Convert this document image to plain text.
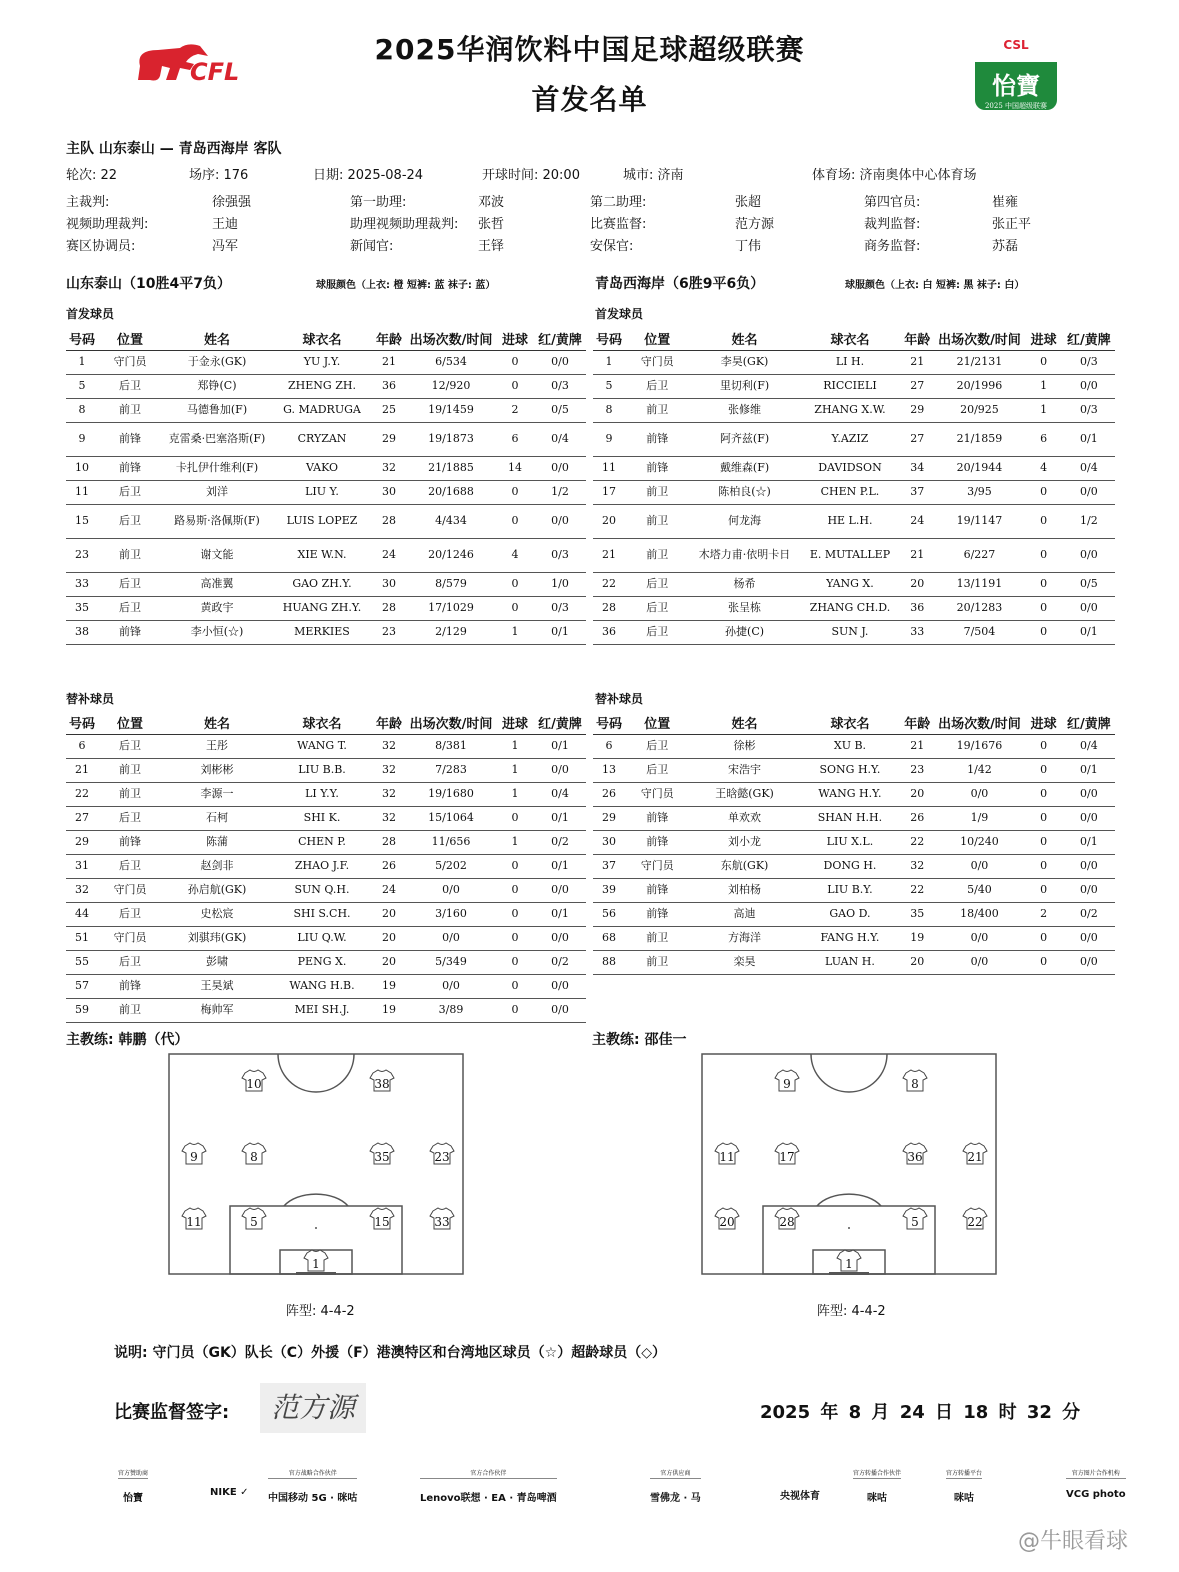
CFL
CSL
怡寶
2025 中国超级联赛
2025华润饮料中国足球超级联赛
首发名单
主队 山东泰山 — 青岛西海岸 客队
轮次: 22	场序: 176	日期: 2025-08-24	开球时间: 20:00	城市: 济南	体育场: 济南奥体中心体育场
主裁判:	徐强强	第一助理:	邓波	第二助理:	张超	第四官员:	崔雍
视频助理裁判:	王迪	助理视频助理裁判: 张哲	比赛监督:	范方源	裁判监督:	张正平
赛区协调员:	冯军	新闻官:	王铎	安保官:	丁伟	商务监督:	苏磊
山东泰山（10胜4平7负）	球服颜色（上衣: 橙 短裤: 蓝 袜子: 蓝）	青岛西海岸（6胜9平6负）	球服颜色（上衣: 白 短裤: 黑 袜子: 白）
首发球员	首发球员
号码	位置	姓名	球衣名	年龄	出场次数/时间	进球	红/黄牌
1	守门员	于金永(GK)	YU J.Y.	21	6/534	0	0/0
5	后卫	郑铮(C)	ZHENG ZH.	36	12/920	0	0/3
8	前卫	马德鲁加(F)	G. MADRUGA	25	19/1459	2	0/5
9	前锋	克雷桑·巴塞洛斯(F)	CRYZAN	29	19/1873	6	0/4
10	前锋	卡扎伊什维利(F)	VAKO	32	21/1885	14	0/0
11	后卫	刘洋	LIU Y.	30	20/1688	0	1/2
15	后卫	路易斯·洛佩斯(F)	LUIS LOPEZ	28	4/434	0	0/0
23	前卫	谢文能	XIE W.N.	24	20/1246	4	0/3
33	后卫	高准翼	GAO ZH.Y.	30	8/579	0	1/0
35	后卫	黄政宇	HUANG ZH.Y.	28	17/1029	0	0/3
38	前锋	李小恒(☆)	MERKIES	23	2/129	1	0/1
号码	位置	姓名	球衣名	年龄	出场次数/时间	进球	红/黄牌
1	守门员	李昊(GK)	LI H.	21	21/2131	0	0/3
5	后卫	里切利(F)	RICCIELI	27	20/1996	1	0/0
8	前卫	张修维	ZHANG X.W.	29	20/925	1	0/3
9	前锋	阿齐兹(F)	Y.AZIZ	27	21/1859	6	0/1
11	前锋	戴维森(F)	DAVIDSON	34	20/1944	4	0/4
17	前卫	陈柏良(☆)	CHEN P.L.	37	3/95	0	0/0
20	前卫	何龙海	HE L.H.	24	19/1147	0	1/2
21	前卫	木塔力甫·依明卡日	E. MUTALLEP	21	6/227	0	0/0
22	后卫	杨希	YANG X.	20	13/1191	0	0/5
28	后卫	张呈栋	ZHANG CH.D.	36	20/1283	0	0/0
36	后卫	孙捷(C)	SUN J.	33	7/504	0	0/1
替补球员	替补球员
号码	位置	姓名	球衣名	年龄	出场次数/时间	进球	红/黄牌
6	后卫	王彤	WANG T.	32	8/381	1	0/1
21	前卫	刘彬彬	LIU B.B.	32	7/283	1	0/0
22	前卫	李源一	LI Y.Y.	32	19/1680	1	0/4
27	后卫	石柯	SHI K.	32	15/1064	0	0/1
29	前锋	陈蒲	CHEN P.	28	11/656	1	0/2
31	后卫	赵剑非	ZHAO J.F.	26	5/202	0	0/1
32	守门员	孙启航(GK)	SUN Q.H.	24	0/0	0	0/0
44	后卫	史松宸	SHI S.CH.	20	3/160	0	0/1
51	守门员	刘骐玮(GK)	LIU Q.W.	20	0/0	0	0/0
55	后卫	彭啸	PENG X.	20	5/349	0	0/2
57	前锋	王昊斌	WANG H.B.	19	0/0	0	0/0
59	前卫	梅帅军	MEI SH.J.	19	3/89	0	0/0
号码	位置	姓名	球衣名	年龄	出场次数/时间	进球	红/黄牌
6	后卫	徐彬	XU B.	21	19/1676	0	0/4
13	后卫	宋浩宇	SONG H.Y.	23	1/42	0	0/1
26	守门员	王晗懿(GK)	WANG H.Y.	20	0/0	0	0/0
29	前锋	单欢欢	SHAN H.H.	26	1/9	0	0/0
30	前锋	刘小龙	LIU X.L.	22	10/240	0	0/1
37	守门员	东航(GK)	DONG H.	32	0/0	0	0/0
39	前锋	刘柏杨	LIU B.Y.	22	5/40	0	0/0
56	前锋	高迪	GAO D.	35	18/400	2	0/2
68	前卫	方海洋	FANG H.Y.	19	0/0	0	0/0
88	前卫	栾昊	LUAN H.	20	0/0	0	0/0
主教练: 韩鹏（代）	主教练: 邵佳一
10	38
9	8	35	23
11	5	15	33
1
9	8
11	17	36	21
20	28	5	22
1
阵型: 4-4-2	阵型: 4-4-2
说明: 守门员（GK）队长（C）外援（F）港澳特区和台湾地区球员（☆）超龄球员（◇）
比赛监督签字:	范方源	2025 年 8 月 24 日 18 时 32 分
官方赞助商
怡寶
NIKE ✓
官方战略合作伙伴
中国移动 5G · 咪咕
官方合作伙伴
Lenovo联想 · EA · 青岛啤酒
官方供应商
雪佛龙 · 马	央视体育
官方转播合作伙伴
咪咕
官方转播平台
咪咕
官方图片合作机构
VCG photo
@牛眼看球
